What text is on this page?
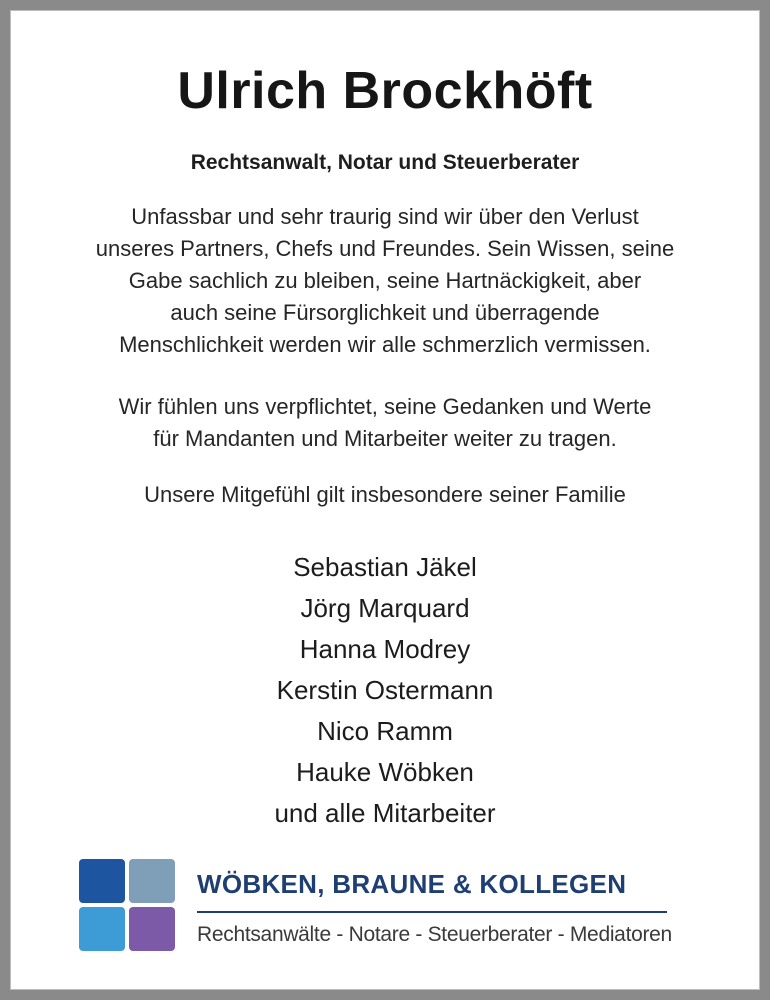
Ulrich Brockhöft
Rechtsanwalt, Notar und Steuerberater
Unfassbar und sehr traurig sind wir über den Verlust
unseres Partners, Chefs und Freundes. Sein Wissen, seine
Gabe sachlich zu bleiben, seine Hartnäckigkeit, aber
auch seine Fürsorglichkeit und überragende
Menschlichkeit werden wir alle schmerzlich vermissen.
Wir fühlen uns verpflichtet, seine Gedanken und Werte
für Mandanten und Mitarbeiter weiter zu tragen.
Unsere Mitgefühl gilt insbesondere seiner Familie
Sebastian Jäkel
Jörg Marquard
Hanna Modrey
Kerstin Ostermann
Nico Ramm
Hauke Wöbken
und alle Mitarbeiter
WÖBKEN, BRAUNE & KOLLEGEN
Rechtsanwälte - Notare - Steuerberater - Mediatoren
